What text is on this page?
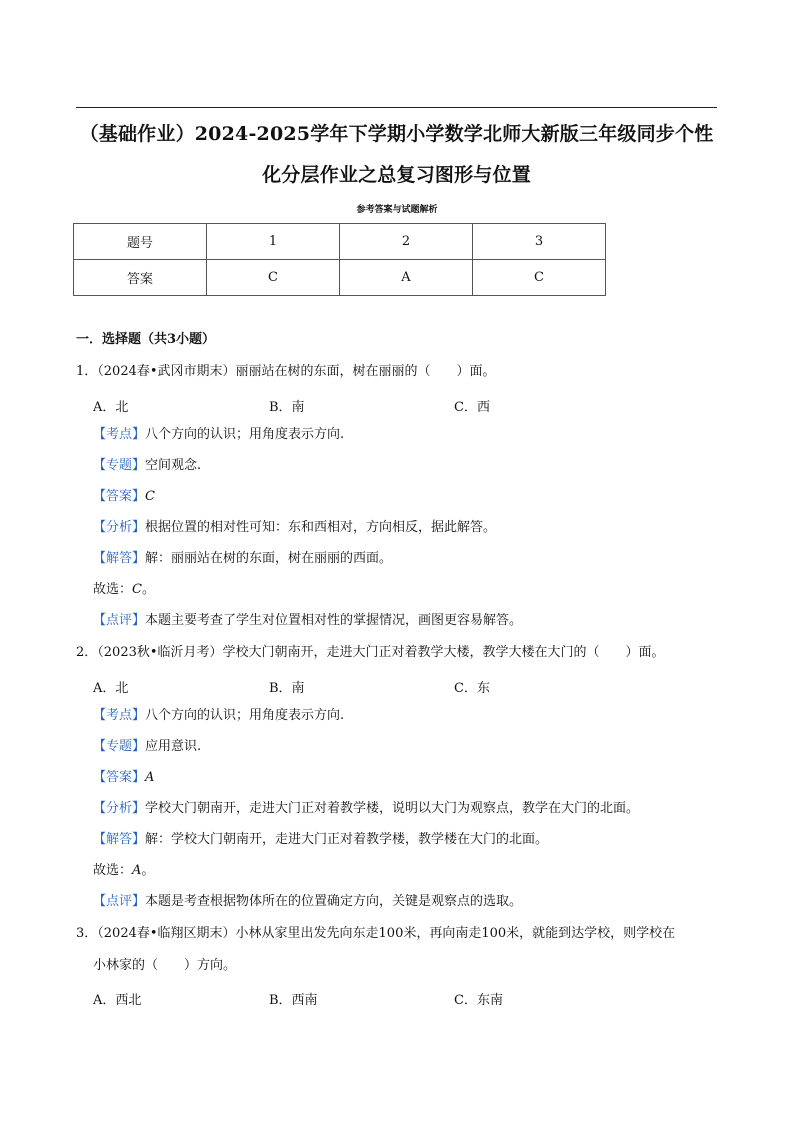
（基础作业）2024-2025学年下学期小学数学北师大新版三年级同步个性
化分层作业之总复习图形与位置
参考答案与试题解析
题号	1	2	3
答案	C	A	C
一．选择题（共3小题）
1．（2024春•武冈市期末）丽丽站在树的东面，树在丽丽的（　　）面。
A．北	B．南	C．西
【考点】八个方向的认识；用角度表示方向.
【专题】空间观念.
【答案】C
【分析】根据位置的相对性可知：东和西相对，方向相反，据此解答。
【解答】解：丽丽站在树的东面，树在丽丽的西面。
故选：C。
【点评】本题主要考查了学生对位置相对性的掌握情况，画图更容易解答。
2．（2023秋•临沂月考）学校大门朝南开，走进大门正对着教学大楼，教学大楼在大门的（　　）面。
A．北	B．南	C．东
【考点】八个方向的认识；用角度表示方向.
【专题】应用意识.
【答案】A
【分析】学校大门朝南开，走进大门正对着教学楼，说明以大门为观察点，教学在大门的北面。
【解答】解：学校大门朝南开，走进大门正对着教学楼，教学楼在大门的北面。
故选：A。
【点评】本题是考查根据物体所在的位置确定方向，关键是观察点的选取。
3．（2024春•临翔区期末）小林从家里出发先向东走100米，再向南走100米，就能到达学校，则学校在
小林家的（　　）方向。
A．西北	B．西南	C．东南
